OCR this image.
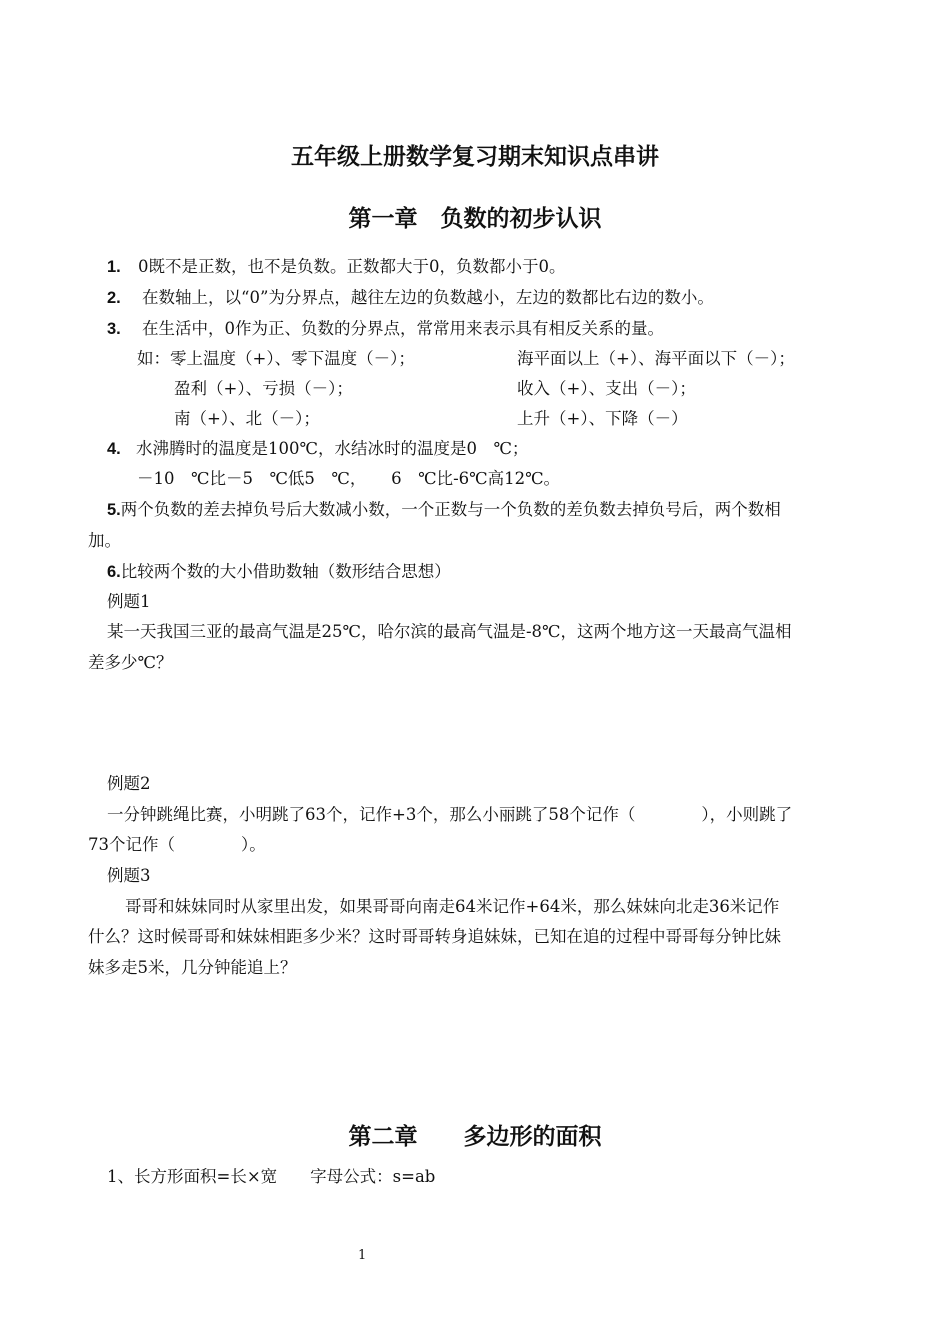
五年级上册数学复习期末知识点串讲
第一章　负数的初步认识
1. 0既不是正数，也不是负数。正数都大于0，负数都小于0。
2. 在数轴上，以“0”为分界点，越往左边的负数越小，左边的数都比右边的数小。
3. 在生活中，0作为正、负数的分界点，常常用来表示具有相反关系的量。
如：零上温度（+）、零下温度（－）；	海平面以上（+）、海平面以下（－）；
盈利（+）、亏损（－）；	收入（+）、支出（－）；
南（+）、北（－）；	上升（+）、下降（－）
4. 水沸腾时的温度是100℃，水结冰时的温度是0　℃；
－10　℃比－5　℃低5　℃，　　6　℃比-6℃高12℃。
5.两个负数的差去掉负号后大数减小数，一个正数与一个负数的差负数去掉负号后，两个数相
加。
6.比较两个数的大小借助数轴（数形结合思想）
例题1
某一天我国三亚的最高气温是25℃，哈尔滨的最高气温是-8℃，这两个地方这一天最高气温相
差多少℃？
例题2
一分钟跳绳比赛，小明跳了63个，记作+3个，那么小丽跳了58个记作（　　　　），小则跳了
73个记作（　　　　）。
例题3
哥哥和妹妹同时从家里出发，如果哥哥向南走64米记作+64米，那么妹妹向北走36米记作
什么？这时候哥哥和妹妹相距多少米？这时哥哥转身追妹妹，已知在追的过程中哥哥每分钟比妹
妹多走5米，几分钟能追上？
第二章　　多边形的面积
1、长方形面积=长×宽　　字母公式：s=ab
1
